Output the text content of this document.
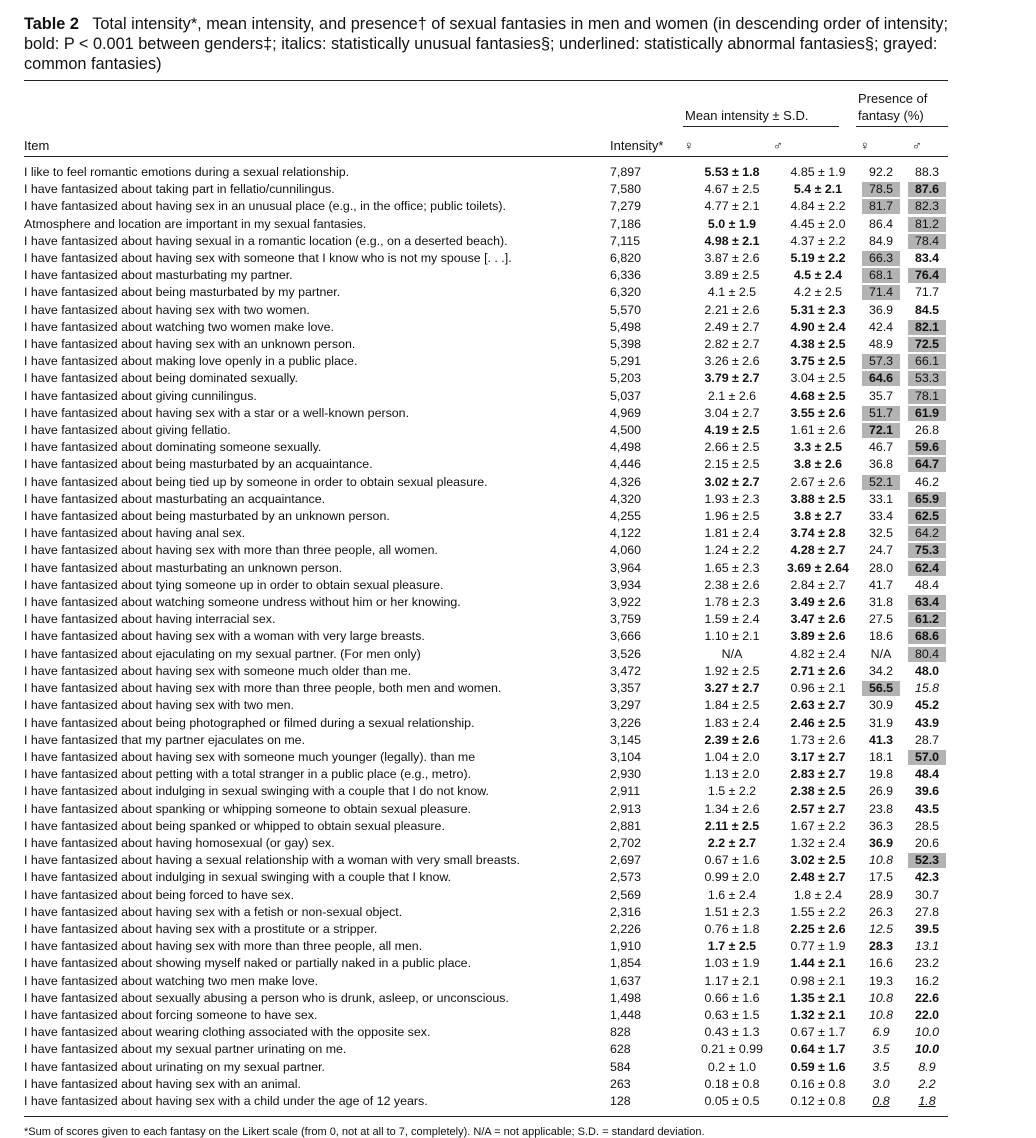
Table 2 Total intensity*, mean intensity, and presence† of sexual fantasies in men and women (in descending order of intensity; bold: P < 0.001 between genders‡; italics: statistically unusual fantasies§; underlined: statistically abnormal fantasies§; grayed: common fantasies)
Mean intensity ± S.D.
Presence of
fantasy (%)
Item	Intensity* ♀	♂	♀	♂
I like to feel romantic emotions during a sexual relationship.	7,897	5.53 ± 1.8	4.85 ± 1.9	92.2	88.3
I have fantasized about taking part in fellatio/cunnilingus.	7,580	4.67 ± 2.5	5.4 ± 2.1	78.5	87.6
I have fantasized about having sex in an unusual place (e.g., in the office; public toilets).	7,279	4.77 ± 2.1	4.84 ± 2.2	81.7	82.3
Atmosphere and location are important in my sexual fantasies.	7,186	5.0 ± 1.9	4.45 ± 2.0	86.4	81.2
I have fantasized about having sexual in a romantic location (e.g., on a deserted beach).	7,115	4.98 ± 2.1	4.37 ± 2.2	84.9	78.4
I have fantasized about having sex with someone that I know who is not my spouse [. . .].	6,820	3.87 ± 2.6	5.19 ± 2.2	66.3	83.4
I have fantasized about masturbating my partner.	6,336	3.89 ± 2.5	4.5 ± 2.4	68.1	76.4
I have fantasized about being masturbated by my partner.	6,320	4.1 ± 2.5	4.2 ± 2.5	71.4	71.7
I have fantasized about having sex with two women.	5,570	2.21 ± 2.6	5.31 ± 2.3	36.9	84.5
I have fantasized about watching two women make love.	5,498	2.49 ± 2.7	4.90 ± 2.4	42.4	82.1
I have fantasized about having sex with an unknown person.	5,398	2.82 ± 2.7	4.38 ± 2.5	48.9	72.5
I have fantasized about making love openly in a public place.	5,291	3.26 ± 2.6	3.75 ± 2.5	57.3	66.1
I have fantasized about being dominated sexually.	5,203	3.79 ± 2.7	3.04 ± 2.5	64.6	53.3
I have fantasized about giving cunnilingus.	5,037	2.1 ± 2.6	4.68 ± 2.5	35.7	78.1
I have fantasized about having sex with a star or a well-known person.	4,969	3.04 ± 2.7	3.55 ± 2.6	51.7	61.9
I have fantasized about giving fellatio.	4,500	4.19 ± 2.5	1.61 ± 2.6	72.1	26.8
I have fantasized about dominating someone sexually.	4,498	2.66 ± 2.5	3.3 ± 2.5	46.7	59.6
I have fantasized about being masturbated by an acquaintance.	4,446	2.15 ± 2.5	3.8 ± 2.6	36.8	64.7
I have fantasized about being tied up by someone in order to obtain sexual pleasure.	4,326	3.02 ± 2.7	2.67 ± 2.6	52.1	46.2
I have fantasized about masturbating an acquaintance.	4,320	1.93 ± 2.3	3.88 ± 2.5	33.1	65.9
I have fantasized about being masturbated by an unknown person.	4,255	1.96 ± 2.5	3.8 ± 2.7	33.4	62.5
I have fantasized about having anal sex.	4,122	1.81 ± 2.4	3.74 ± 2.8	32.5	64.2
I have fantasized about having sex with more than three people, all women.	4,060	1.24 ± 2.2	4.28 ± 2.7	24.7	75.3
I have fantasized about masturbating an unknown person.	3,964	1.65 ± 2.3	3.69 ± 2.64	28.0	62.4
I have fantasized about tying someone up in order to obtain sexual pleasure.	3,934	2.38 ± 2.6	2.84 ± 2.7	41.7	48.4
I have fantasized about watching someone undress without him or her knowing.	3,922	1.78 ± 2.3	3.49 ± 2.6	31.8	63.4
I have fantasized about having interracial sex.	3,759	1.59 ± 2.4	3.47 ± 2.6	27.5	61.2
I have fantasized about having sex with a woman with very large breasts.	3,666	1.10 ± 2.1	3.89 ± 2.6	18.6	68.6
I have fantasized about ejaculating on my sexual partner. (For men only)	3,526	N/A	4.82 ± 2.4	N/A	80.4
I have fantasized about having sex with someone much older than me.	3,472	1.92 ± 2.5	2.71 ± 2.6	34.2	48.0
I have fantasized about having sex with more than three people, both men and women.	3,357	3.27 ± 2.7	0.96 ± 2.1	56.5	15.8
I have fantasized about having sex with two men.	3,297	1.84 ± 2.5	2.63 ± 2.7	30.9	45.2
I have fantasized about being photographed or filmed during a sexual relationship.	3,226	1.83 ± 2.4	2.46 ± 2.5	31.9	43.9
I have fantasized that my partner ejaculates on me.	3,145	2.39 ± 2.6	1.73 ± 2.6	41.3	28.7
I have fantasized about having sex with someone much younger (legally). than me	3,104	1.04 ± 2.0	3.17 ± 2.7	18.1	57.0
I have fantasized about petting with a total stranger in a public place (e.g., metro).	2,930	1.13 ± 2.0	2.83 ± 2.7	19.8	48.4
I have fantasized about indulging in sexual swinging with a couple that I do not know.	2,911	1.5 ± 2.2	2.38 ± 2.5	26.9	39.6
I have fantasized about spanking or whipping someone to obtain sexual pleasure.	2,913	1.34 ± 2.6	2.57 ± 2.7	23.8	43.5
I have fantasized about being spanked or whipped to obtain sexual pleasure.	2,881	2.11 ± 2.5	1.67 ± 2.2	36.3	28.5
I have fantasized about having homosexual (or gay) sex.	2,702	2.2 ± 2.7	1.32 ± 2.4	36.9	20.6
I have fantasized about having a sexual relationship with a woman with very small breasts.	2,697	0.67 ± 1.6	3.02 ± 2.5	10.8	52.3
I have fantasized about indulging in sexual swinging with a couple that I know.	2,573	0.99 ± 2.0	2.48 ± 2.7	17.5	42.3
I have fantasized about being forced to have sex.	2,569	1.6 ± 2.4	1.8 ± 2.4	28.9	30.7
I have fantasized about having sex with a fetish or non-sexual object.	2,316	1.51 ± 2.3	1.55 ± 2.2	26.3	27.8
I have fantasized about having sex with a prostitute or a stripper.	2,226	0.76 ± 1.8	2.25 ± 2.6	12.5	39.5
I have fantasized about having sex with more than three people, all men.	1,910	1.7 ± 2.5	0.77 ± 1.9	28.3	13.1
I have fantasized about showing myself naked or partially naked in a public place.	1,854	1.03 ± 1.9	1.44 ± 2.1	16.6	23.2
I have fantasized about watching two men make love.	1,637	1.17 ± 2.1	0.98 ± 2.1	19.3	16.2
I have fantasized about sexually abusing a person who is drunk, asleep, or unconscious.	1,498	0.66 ± 1.6	1.35 ± 2.1	10.8	22.6
I have fantasized about forcing someone to have sex.	1,448	0.63 ± 1.5	1.32 ± 2.1	10.8	22.0
I have fantasized about wearing clothing associated with the opposite sex.	828	0.43 ± 1.3	0.67 ± 1.7	6.9	10.0
I have fantasized about my sexual partner urinating on me.	628	0.21 ± 0.99	0.64 ± 1.7	3.5	10.0
I have fantasized about urinating on my sexual partner.	584	0.2 ± 1.0	0.59 ± 1.6	3.5	8.9
I have fantasized about having sex with an animal.	263	0.18 ± 0.8	0.16 ± 0.8	3.0	2.2
I have fantasized about having sex with a child under the age of 12 years.	128	0.05 ± 0.5	0.12 ± 0.8	0.8	1.8
*Sum of scores given to each fantasy on the Likert scale (from 0, not at all to 7, completely). N/A = not applicable; S.D. = standard deviation.
